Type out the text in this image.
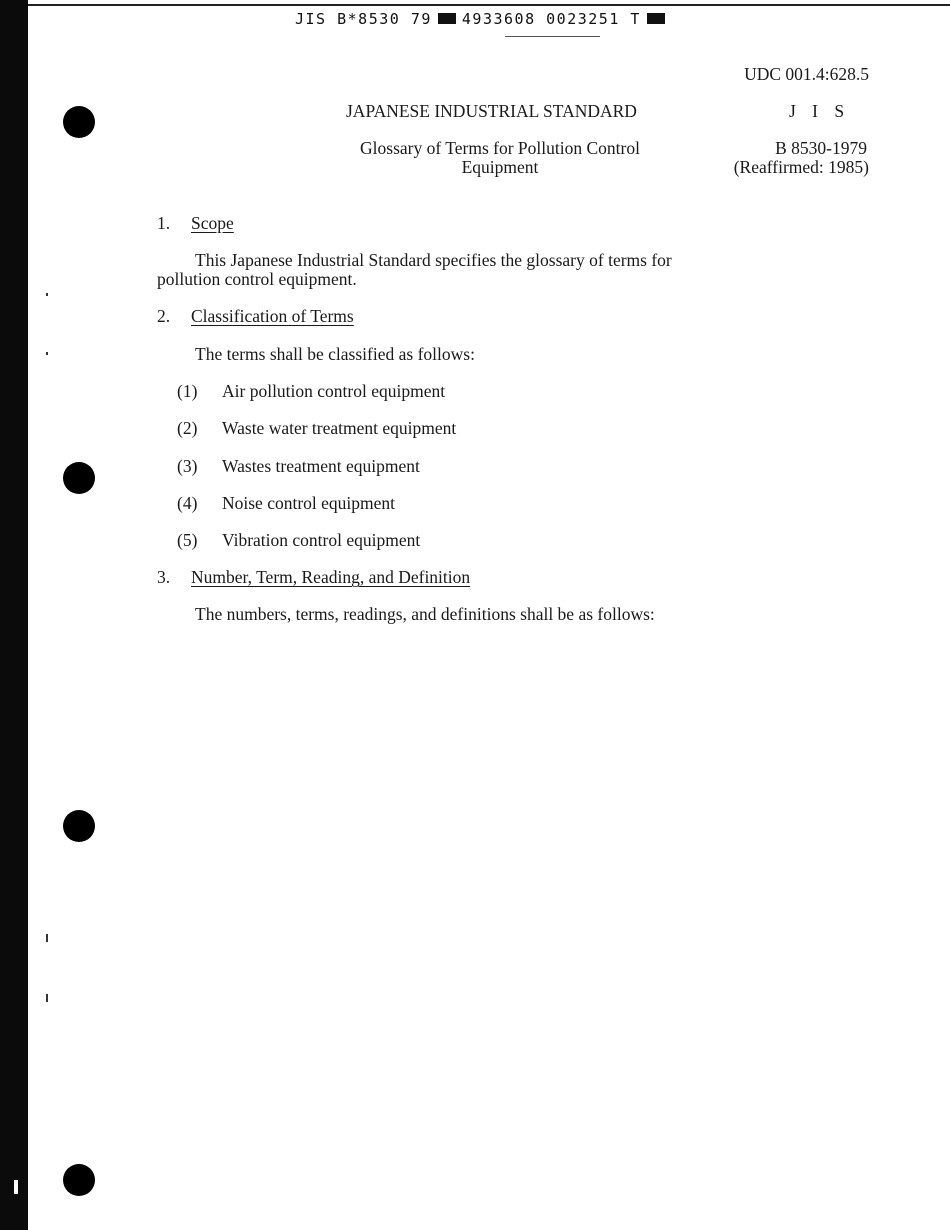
JIS B*8530 79 4933608 0023251 T
UDC 001.4:628.5
JAPANESE INDUSTRIAL STANDARD	J I S
Glossary of Terms for Pollution Control
Equipment
B 8530-1979
(Reaffirmed: 1985)
1. Scope
This Japanese Industrial Standard specifies the glossary of terms for
pollution control equipment.
2. Classification of Terms
The terms shall be classified as follows:
(1) Air pollution control equipment
(2) Waste water treatment equipment
(3) Wastes treatment equipment
(4) Noise control equipment
(5) Vibration control equipment
3. Number, Term, Reading, and Definition
The numbers, terms, readings, and definitions shall be as follows:
